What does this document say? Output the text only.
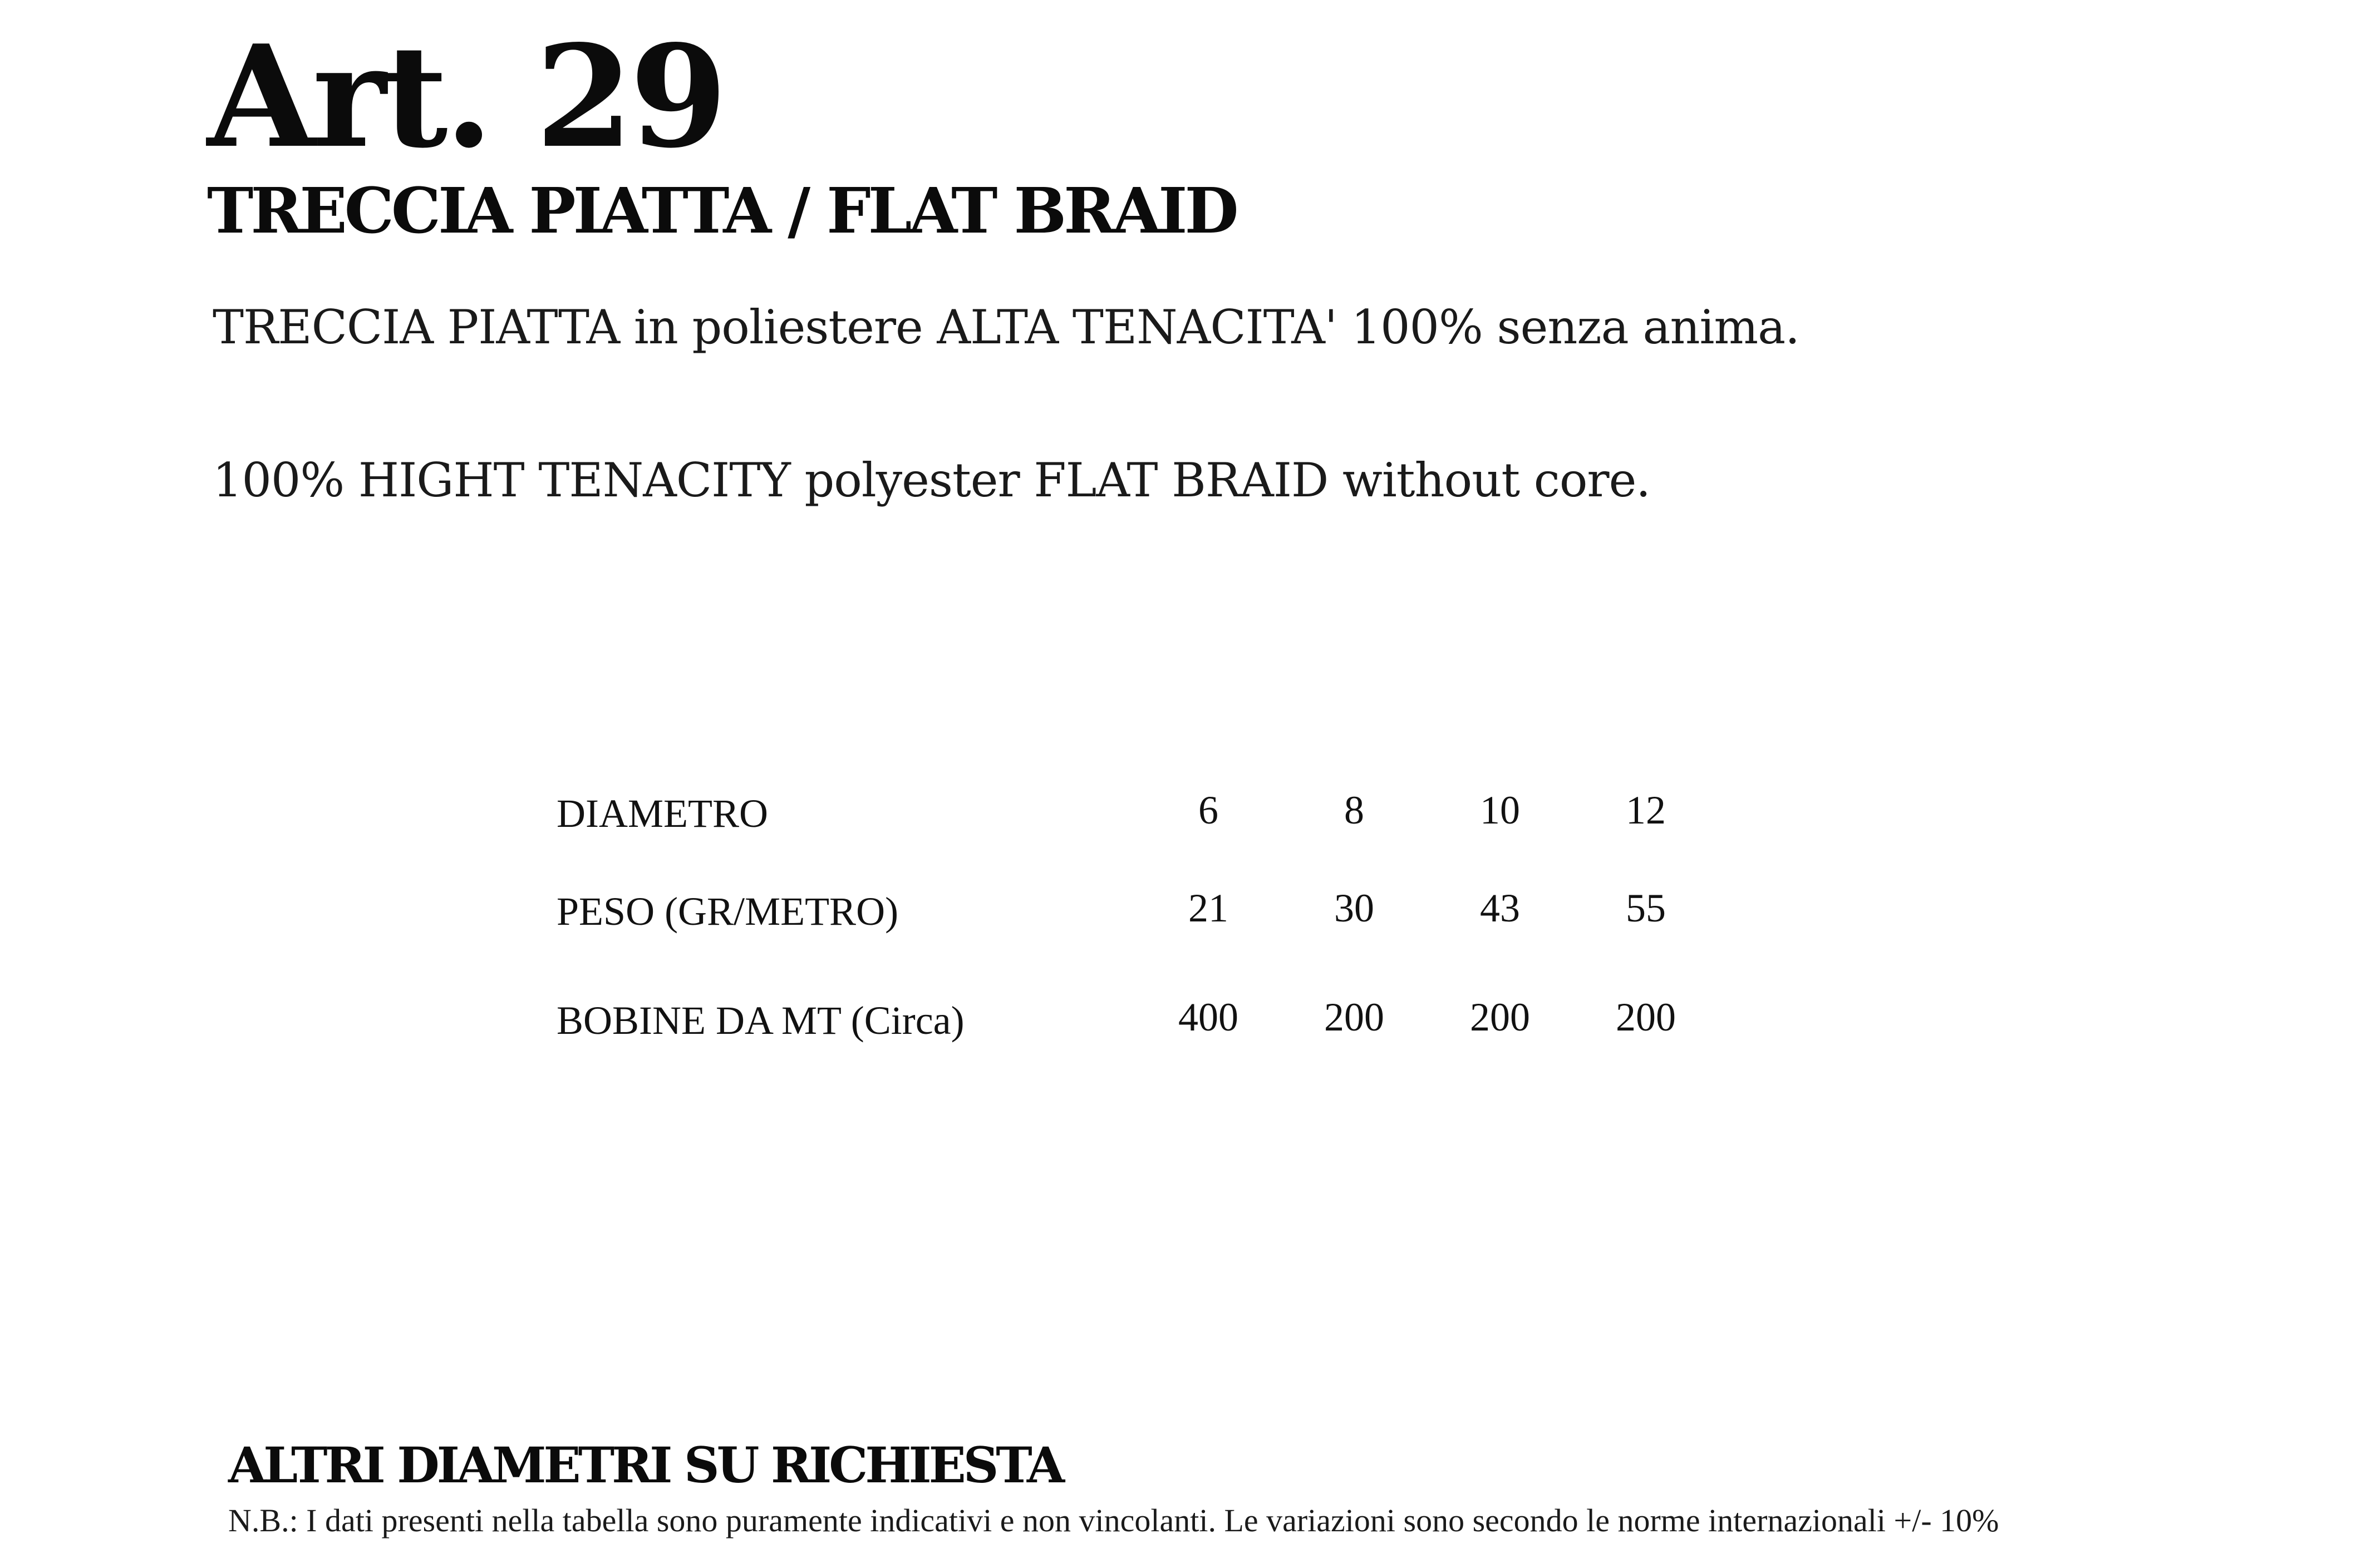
Art. 29
TRECCIA PIATTA / FLAT BRAID
TRECCIA PIATTA in poliestere ALTA TENACITA' 100% senza anima.
100% HIGHT TENACITY polyester FLAT BRAID without core.
DIAMETRO	6	8	10	12
PESO (GR/METRO)	21	30	43	55
BOBINE DA MT (Circa)	400	200	200	200
ALTRI DIAMETRI SU RICHIESTA
N.B.: I dati presenti nella tabella sono puramente indicativi e non vincolanti. Le variazioni sono secondo le norme internazionali +/- 10%
